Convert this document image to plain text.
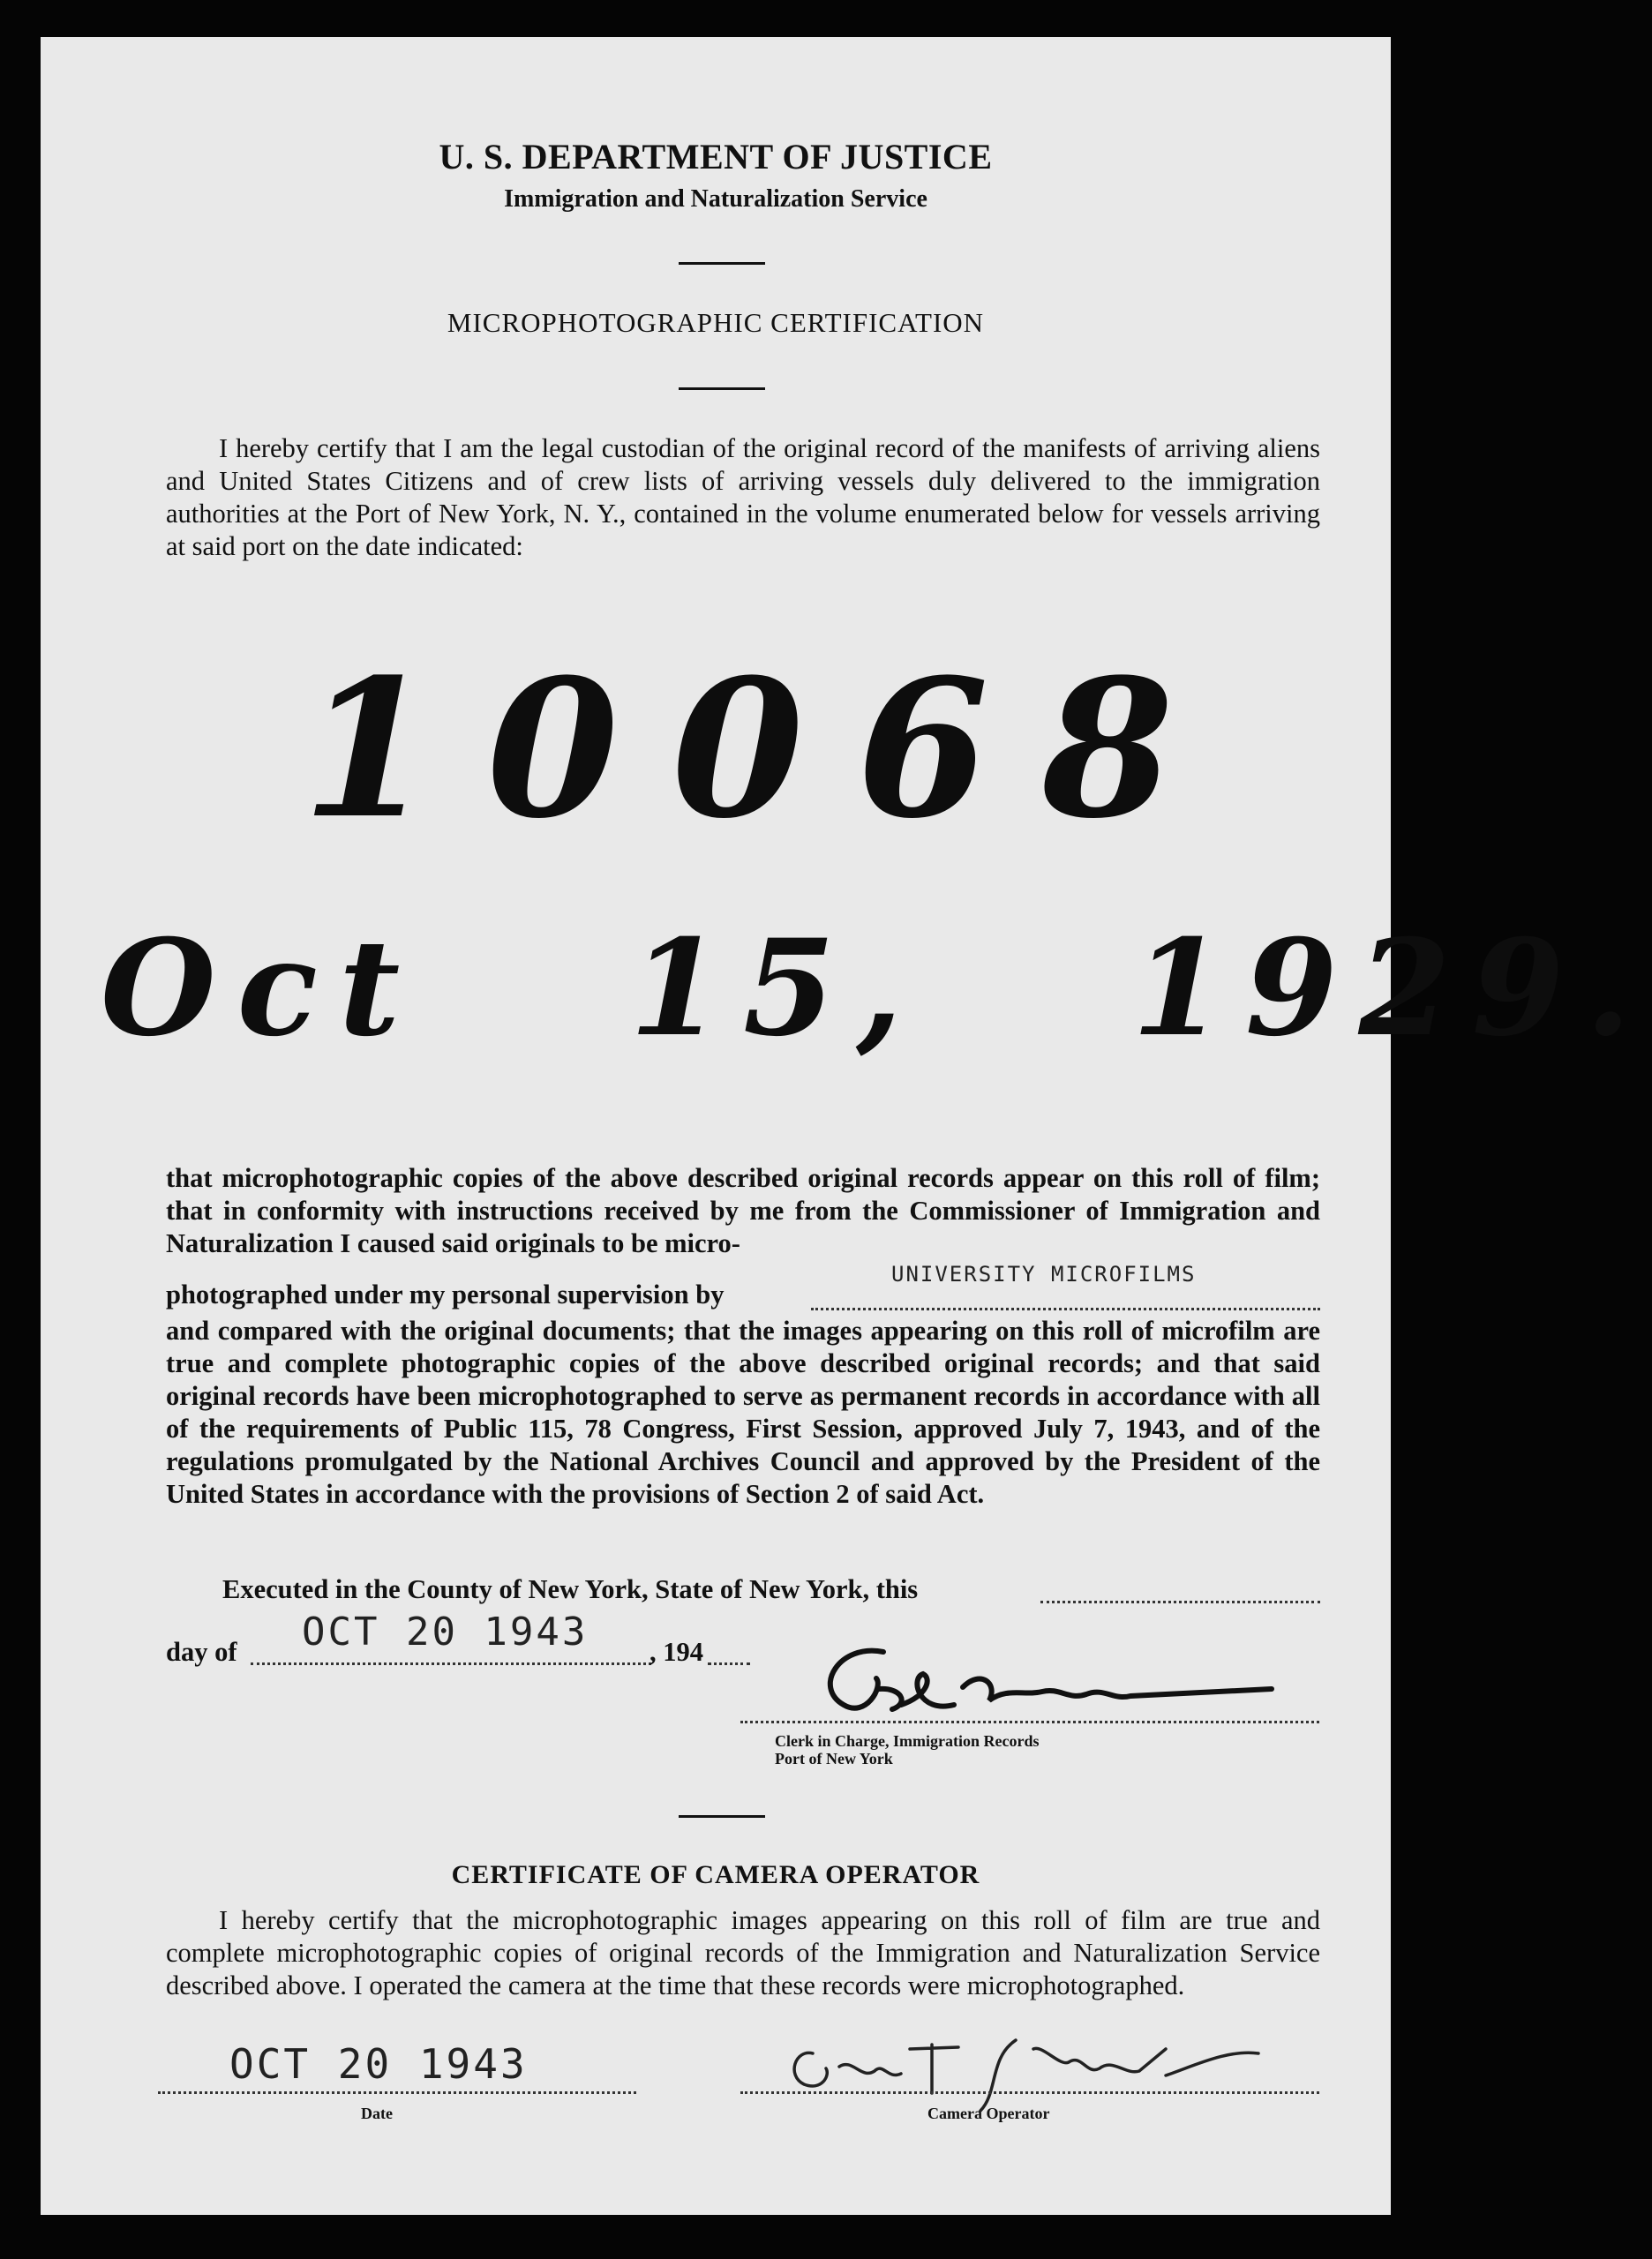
U. S. DEPARTMENT OF JUSTICE
Immigration and Naturalization Service
MICROPHOTOGRAPHIC CERTIFICATION

I hereby certify that I am the legal custodian of the original record of the manifests of arriving aliens and United States Citizens and of crew lists of arriving vessels duly delivered to the immigration authorities at the Port of New York, N. Y., contained in the volume enumerated below for vessels arriving at said port on the date indicated:

10068
Oct 15, 1929.

that microphotographic copies of the above described original records appear on this roll of film; that in conformity with instructions received by me from the Commissioner of Immigration and Naturalization I caused said originals to be micro-

photographed under my personal supervision by
UNIVERSITY MICROFILMS

and compared with the original documents; that the images appearing on this roll of microfilm are true and complete photographic copies of the above described original records; and that said original records have been microphotographed to serve as permanent records in accordance with all of the requirements of Public 115, 78 Congress, First Session, approved July 7, 1943, and of the regulations promulgated by the National Archives Council and approved by the President of the United States in accordance with the provisions of Section 2 of said Act.

Executed in the County of New York, State of New York, this
day of OCT 20 1943 , 194
Clerk in Charge, Immigration Records
Port of New York
CERTIFICATE OF CAMERA OPERATOR

I hereby certify that the microphotographic images appearing on this roll of film are true and complete microphotographic copies of original records of the Immigration and Naturalization Service described above. I operated the camera at the time that these records were microphotographed.

OCT 20 1943
Date	Camera Operator
